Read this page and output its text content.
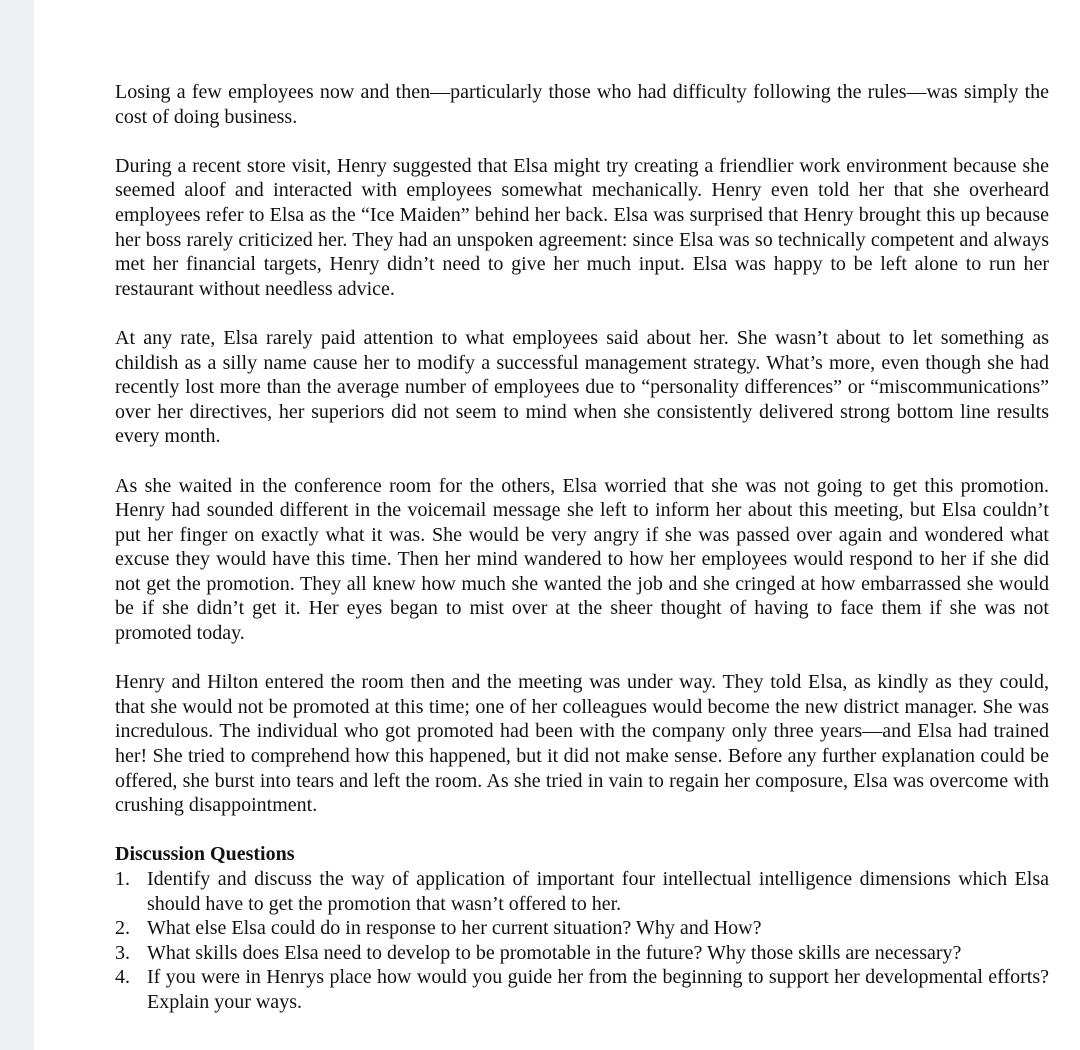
Losing a few employees now and then—particularly those who had difficulty following the rules—was simply the cost of doing business.

During a recent store visit, Henry suggested that Elsa might try creating a friendlier work environment because she seemed aloof and interacted with employees somewhat mechanically. Henry even told her that she overheard employees refer to Elsa as the “Ice Maiden” behind her back. Elsa was surprised that Henry brought this up because her boss rarely criticized her. They had an unspoken agreement: since Elsa was so technically competent and always met her financial targets, Henry didn’t need to give her much input. Elsa was happy to be left alone to run her restaurant without needless advice.

At any rate, Elsa rarely paid attention to what employees said about her. She wasn’t about to let something as childish as a silly name cause her to modify a successful management strategy. What’s more, even though she had recently lost more than the average number of employees due to “personality differences” or “miscommunications” over her directives, her superiors did not seem to mind when she consistently delivered strong bottom line results every month.

As she waited in the conference room for the others, Elsa worried that she was not going to get this promotion. Henry had sounded different in the voicemail message she left to inform her about this meeting, but Elsa couldn’t put her finger on exactly what it was. She would be very angry if she was passed over again and wondered what excuse they would have this time. Then her mind wandered to how her employees would respond to her if she did not get the promotion. They all knew how much she wanted the job and she cringed at how embarrassed she would be if she didn’t get it. Her eyes began to mist over at the sheer thought of having to face them if she was not promoted today.

Henry and Hilton entered the room then and the meeting was under way. They told Elsa, as kindly as they could, that she would not be promoted at this time; one of her colleagues would become the new district manager. She was incredulous. The individual who got promoted had been with the company only three years—and Elsa had trained her! She tried to comprehend how this happened, but it did not make sense. Before any further explanation could be offered, she burst into tears and left the room. As she tried in vain to regain her composure, Elsa was overcome with crushing disappointment.

Discussion Questions

1. Identify and discuss the way of application of important four intellectual intelligence dimensions which Elsa should have to get the promotion that wasn’t offered to her.
2. What else Elsa could do in response to her current situation? Why and How?
3. What skills does Elsa need to develop to be promotable in the future? Why those skills are necessary?
4. If you were in Henrys place how would you guide her from the beginning to support her developmental efforts? Explain your ways.
